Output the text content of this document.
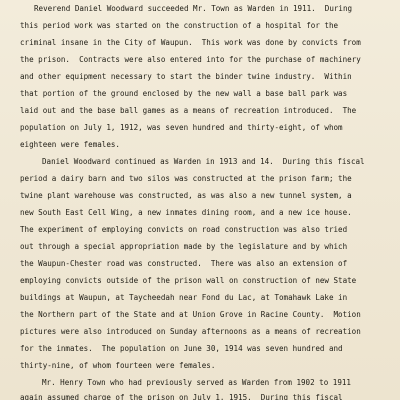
Reverend Daniel Woodward succeeded Mr. Town as Warden in 1911.  During
this period work was started on the construction of a hospital for the
criminal insane in the City of Waupun.  This work was done by convicts from
the prison.  Contracts were also entered into for the purchase of machinery
and other equipment necessary to start the binder twine industry.  Within
that portion of the ground enclosed by the new wall a base ball park was
laid out and the base ball games as a means of recreation introduced.  The
population on July 1, 1912, was seven hundred and thirty-eight, of whom
eighteen were females.
Daniel Woodward continued as Warden in 1913 and 14.  During this fiscal
period a dairy barn and two silos was constructed at the prison farm; the
twine plant warehouse was constructed, as was also a new tunnel system, a
new South East Cell Wing, a new inmates dining room, and a new ice house.
The experiment of employing convicts on road construction was also tried
out through a special appropriation made by the legislature and by which
the Waupun-Chester road was constructed.  There was also an extension of
employing convicts outside of the prison wall on construction of new State
buildings at Waupun, at Taycheedah near Fond du Lac, at Tomahawk Lake in
the Northern part of the State and at Union Grove in Racine County.  Motion
pictures were also introduced on Sunday afternoons as a means of recreation
for the inmates.  The population on June 30, 1914 was seven hundred and
thirty-nine, of whom fourteen were females.
Mr. Henry Town who had previously served as Warden from 1902 to 1911
again assumed charge of the prison on July 1, 1915.  During this fiscal
